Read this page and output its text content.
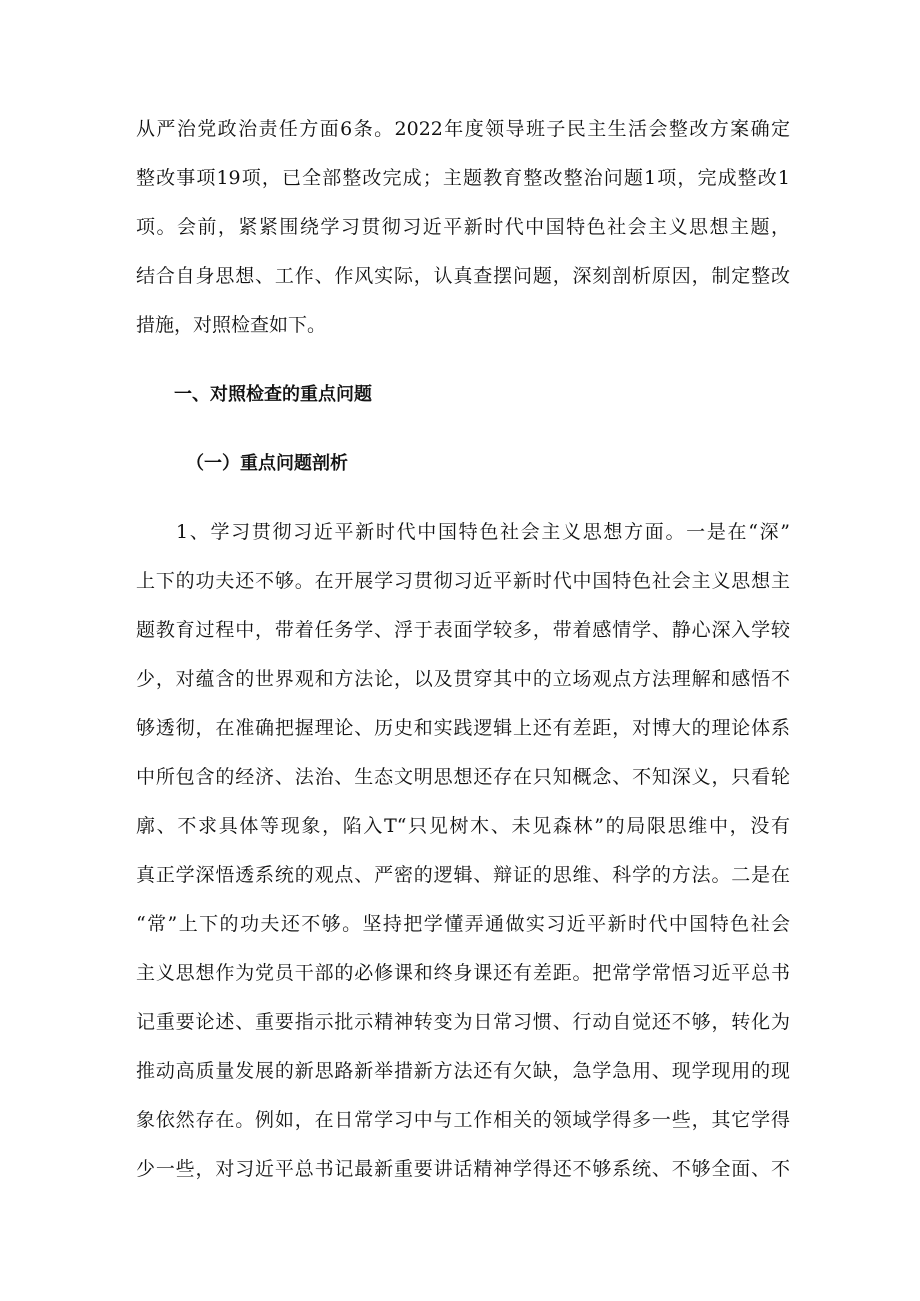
从严治党政治责任方面6条。2022年度领导班子民主生活会整改方案确定
整改事项19项，已全部整改完成；主题教育整改整治问题1项，完成整改1
项。会前，紧紧围绕学习贯彻习近平新时代中国特色社会主义思想主题，
结合自身思想、工作、作风实际，认真查摆问题，深刻剖析原因，制定整改
措施，对照检查如下。
一、对照检查的重点问题
（一）重点问题剖析
1、学习贯彻习近平新时代中国特色社会主义思想方面。一是在“深”
上下的功夫还不够。在开展学习贯彻习近平新时代中国特色社会主义思想主
题教育过程中，带着任务学、浮于表面学较多，带着感情学、静心深入学较
少，对蕴含的世界观和方法论，以及贯穿其中的立场观点方法理解和感悟不
够透彻，在准确把握理论、历史和实践逻辑上还有差距，对博大的理论体系
中所包含的经济、法治、生态文明思想还存在只知概念、不知深义，只看轮
廓、不求具体等现象，陷入T“只见树木、未见森林”的局限思维中，没有
真正学深悟透系统的观点、严密的逻辑、辩证的思维、科学的方法。二是在
“常”上下的功夫还不够。坚持把学懂弄通做实习近平新时代中国特色社会
主义思想作为党员干部的必修课和终身课还有差距。把常学常悟习近平总书
记重要论述、重要指示批示精神转变为日常习惯、行动自觉还不够，转化为
推动高质量发展的新思路新举措新方法还有欠缺，急学急用、现学现用的现
象依然存在。例如，在日常学习中与工作相关的领域学得多一些，其它学得
少一些，对习近平总书记最新重要讲话精神学得还不够系统、不够全面、不
